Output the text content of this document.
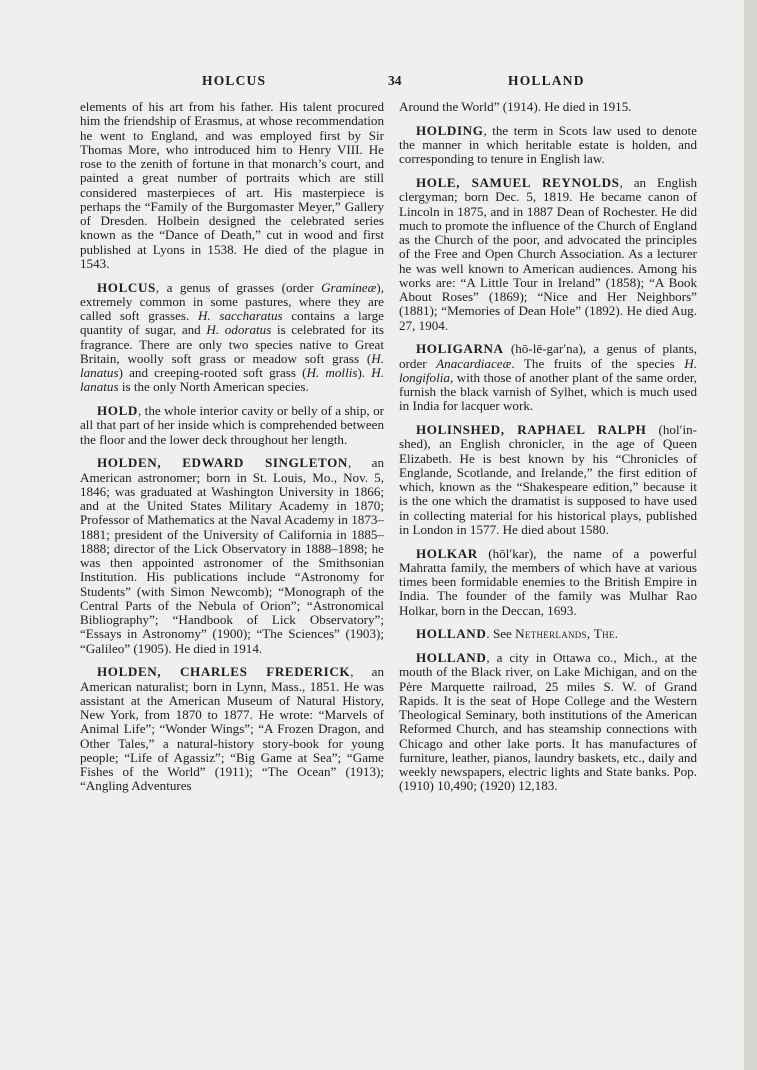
HOLCUS	34	HOLLAND

elements of his art from his father. His talent procured him the friendship of Erasmus, at whose recommendation he went to England, and was employed first by Sir Thomas More, who introduced him to Henry VIII. He rose to the zenith of fortune in that monarch’s court, and painted a great number of portraits which are still considered masterpieces of art. His masterpiece is perhaps the “Family of the Burgomaster Meyer,” Gallery of Dresden. Holbein designed the celebrated series known as the “Dance of Death,” cut in wood and first published at Lyons in 1538. He died of the plague in 1543.

HOLCUS, a genus of grasses (order Gramineæ), extremely common in some pastures, where they are called soft grasses. H. saccharatus contains a large quantity of sugar, and H. odoratus is celebrated for its fragrance. There are only two species native to Great Britain, woolly soft grass or meadow soft grass (H. lanatus) and creeping-rooted soft grass (H. mollis). H. lanatus is the only North American species.

HOLD, the whole interior cavity or belly of a ship, or all that part of her inside which is comprehended between the floor and the lower deck throughout her length.

HOLDEN, EDWARD SINGLETON, an American astronomer; born in St. Louis, Mo., Nov. 5, 1846; was graduated at Washington University in 1866; and at the United States Military Academy in 1870; Professor of Mathematics at the Naval Academy in 1873–1881; president of the University of California in 1885–1888; director of the Lick Observatory in 1888–1898; he was then appointed astronomer of the Smithsonian Institution. His publications include “Astronomy for Students” (with Simon Newcomb); “Monograph of the Central Parts of the Nebula of Orion”; “Astronomical Bibliography”; “Handbook of Lick Observatory”; “Essays in Astronomy” (1900); “The Sciences” (1903); “Galileo” (1905). He died in 1914.

HOLDEN, CHARLES FREDERICK, an American naturalist; born in Lynn, Mass., 1851. He was assistant at the American Museum of Natural History, New York, from 1870 to 1877. He wrote: “Marvels of Animal Life”; “Wonder Wings”; “A Frozen Dragon, and Other Tales,” a natural-history story-book for young people; “Life of Agassiz”; “Big Game at Sea”; “Game Fishes of the World” (1911); “The Ocean” (1913); “Angling Adventures

Around the World” (1914). He died in 1915.

HOLDING, the term in Scots law used to denote the manner in which heritable estate is holden, and corresponding to tenure in English law.

HOLE, SAMUEL REYNOLDS, an English clergyman; born Dec. 5, 1819. He became canon of Lincoln in 1875, and in 1887 Dean of Rochester. He did much to promote the influence of the Church of England as the Church of the poor, and advocated the principles of the Free and Open Church Association. As a lecturer he was well known to American audiences. Among his works are: “A Little Tour in Ireland” (1858); “A Book About Roses” (1869); “Nice and Her Neighbors” (1881); “Memories of Dean Hole” (1892). He died Aug. 27, 1904.

HOLIGARNA (hō-lē-gar′na), a genus of plants, order Anacardiaceæ. The fruits of the species H. longifolia, with those of another plant of the same order, furnish the black varnish of Sylhet, which is much used in India for lacquer work.

HOLINSHED, RAPHAEL RALPH (hol′in-shed), an English chronicler, in the age of Queen Elizabeth. He is best known by his “Chronicles of Englande, Scotlande, and Irelande,” the first edition of which, known as the “Shakespeare edition,” because it is the one which the dramatist is supposed to have used in collecting material for his historical plays, published in London in 1577. He died about 1580.

HOLKAR (hōl′kar), the name of a powerful Mahratta family, the members of which have at various times been formidable enemies to the British Empire in India. The founder of the family was Mulhar Rao Holkar, born in the Deccan, 1693.

HOLLAND. See Netherlands, The.

HOLLAND, a city in Ottawa co., Mich., at the mouth of the Black river, on Lake Michigan, and on the Père Marquette railroad, 25 miles S. W. of Grand Rapids. It is the seat of Hope College and the Western Theological Seminary, both institutions of the American Reformed Church, and has steamship connections with Chicago and other lake ports. It has manufactures of furniture, leather, pianos, laundry baskets, etc., daily and weekly newspapers, electric lights and State banks. Pop. (1910) 10,490; (1920) 12,183.
